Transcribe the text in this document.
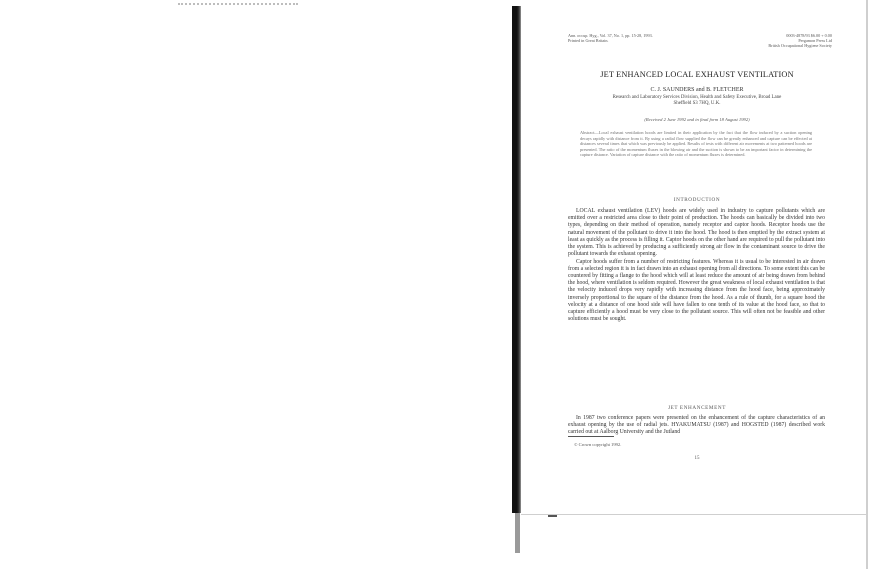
Ann. occup. Hyg., Vol. 37, No. 1, pp. 15-28, 1993.
Printed in Great Britain.
0003-4878/93 $6.00 + 0.00
Pergamon Press Ltd
British Occupational Hygiene Society
JET ENHANCED LOCAL EXHAUST VENTILATION
C. J. SAUNDERS and B. FLETCHER
Research and Laboratory Services Division, Health and Safety Executive, Broad Lane
Sheffield S3 7HQ, U.K.
(Received 2 June 1992 and in final form 18 August 1992)
Abstract—Local exhaust ventilation hoods are limited in their application by the fact that the flow induced by a suction opening decays rapidly with distance from it. By using a radial flow supplied the flow can be greatly enhanced and capture can be effected at distances several times that which was previously be applied. Results of tests with different air movements at two patterned hoods are presented. The ratio of the momentum fluxes in the blowing air and the suction is shown to be an important factor in determining the capture distance. Variation of capture distance with the ratio of momentum fluxes is determined.
INTRODUCTION

LOCAL exhaust ventilation (LEV) hoods are widely used in industry to capture pollutants which are emitted over a restricted area close to their point of production. The hoods can basically be divided into two types, depending on their method of operation, namely receptor and captor hoods. Receptor hoods use the natural movement of the pollutant to drive it into the hood. The hood is then emptied by the extract system at least as quickly as the process is filling it. Captor hoods on the other hand are required to pull the pollutant into the system. This is achieved by producing a sufficiently strong air flow in the contaminant source to drive the pollutant towards the exhaust opening.

Captor hoods suffer from a number of restricting features. Whereas it is usual to be interested in air drawn from a selected region it is in fact drawn into an exhaust opening from all directions. To some extent this can be countered by fitting a flange to the hood which will at least reduce the amount of air being drawn from behind the hood, where ventilation is seldom required. However the great weakness of local exhaust ventilation is that the velocity induced drops very rapidly with increasing distance from the hood face, being approximately inversely proportional to the square of the distance from the hood. As a rule of thumb, for a square hood the velocity at a distance of one hood side will have fallen to one tenth of its value at the hood face, so that to capture efficiently a hood must be very close to the pollutant source. This will often not be feasible and other solutions must be sought.

JET ENHANCEMENT

In 1987 two conference papers were presented on the enhancement of the capture characteristics of an exhaust opening by the use of radial jets. HYAKUMATSU (1987) and HOGSTED (1987) described work carried out at Aalborg University and the Jutland

© Crown copyright 1992.
15
